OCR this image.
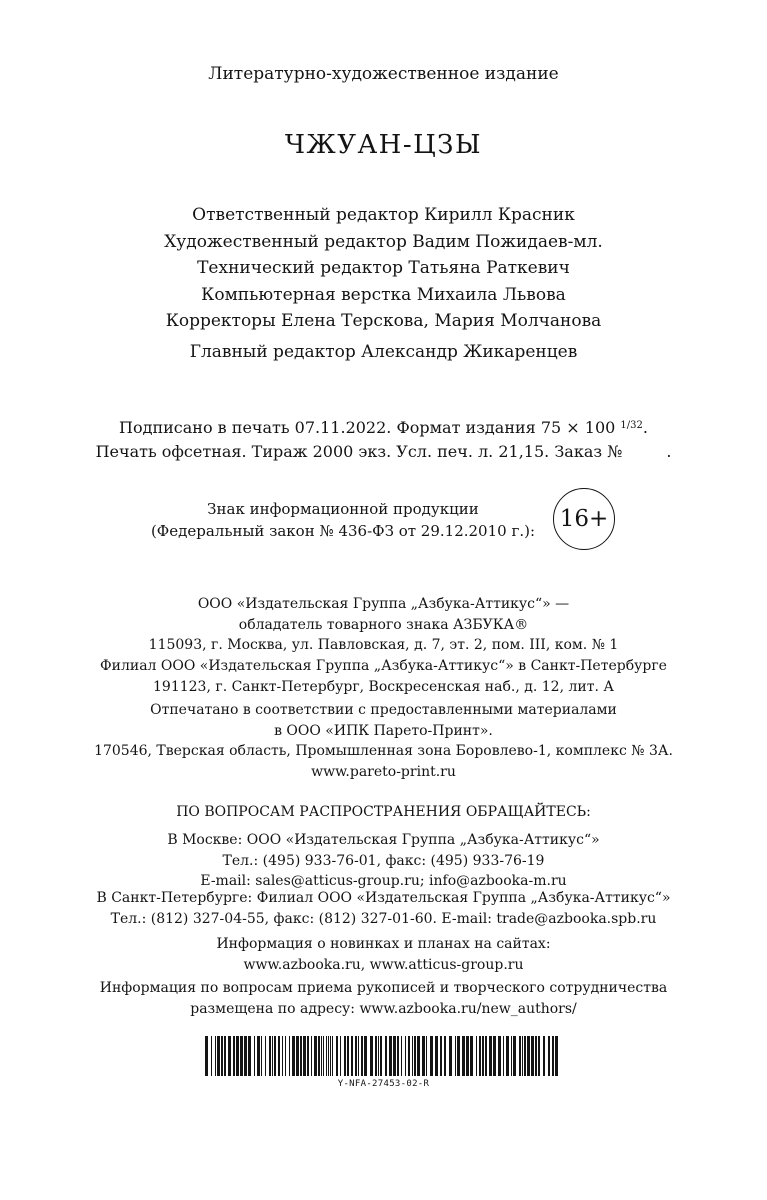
Литературно-художественное издание
ЧЖУАН-ЦЗЫ
Ответственный редактор Кирилл Красник
Художественный редактор Вадим Пожидаев-мл.
Технический редактор Татьяна Раткевич
Компьютерная верстка Михаила Львова
Корректоры Елена Терскова, Мария Молчанова
Главный редактор Александр Жикаренцев
Подписано в печать 07.11.2022. Формат издания 75 × 100 $^{1/32}$.
Печать офсетная. Тираж 2000 экз. Усл. печ. л. 21,15. Заказ №	.
Знак информационной продукции
(Федеральный закон № 436-ФЗ от 29.12.2010 г.): 16+
ООО «Издательская Группа „Азбука-Аттикус“» —
обладатель товарного знака АЗБУКА®
115093, г. Москва, ул. Павловская, д. 7, эт. 2, пом. III, ком. № 1
Филиал ООО «Издательская Группа „Азбука-Аттикус“» в Санкт-Петербурге
191123, г. Санкт-Петербург, Воскресенская наб., д. 12, лит. А
Отпечатано в соответствии с предоставленными материалами
в ООО «ИПК Парето-Принт».
170546, Тверская область, Промышленная зона Боровлево-1, комплекс № 3А.
www.pareto-print.ru
ПО ВОПРОСАМ РАСПРОСТРАНЕНИЯ ОБРАЩАЙТЕСЬ:
В Москве: ООО «Издательская Группа „Азбука-Аттикус“»
Тел.: (495) 933-76-01, факс: (495) 933-76-19
E-mail: sales@atticus-group.ru; info@azbooka-m.ru
В Санкт-Петербурге: Филиал ООО «Издательская Группа „Азбука-Аттикус“»
Тел.: (812) 327-04-55, факс: (812) 327-01-60. E-mail: trade@azbooka.spb.ru
Информация о новинках и планах на сайтах:
www.azbooka.ru, www.atticus-group.ru
Информация по вопросам приема рукописей и творческого сотрудничества
размещена по адресу: www.azbooka.ru/new_authors/
Y-NFA-27453-02-R
